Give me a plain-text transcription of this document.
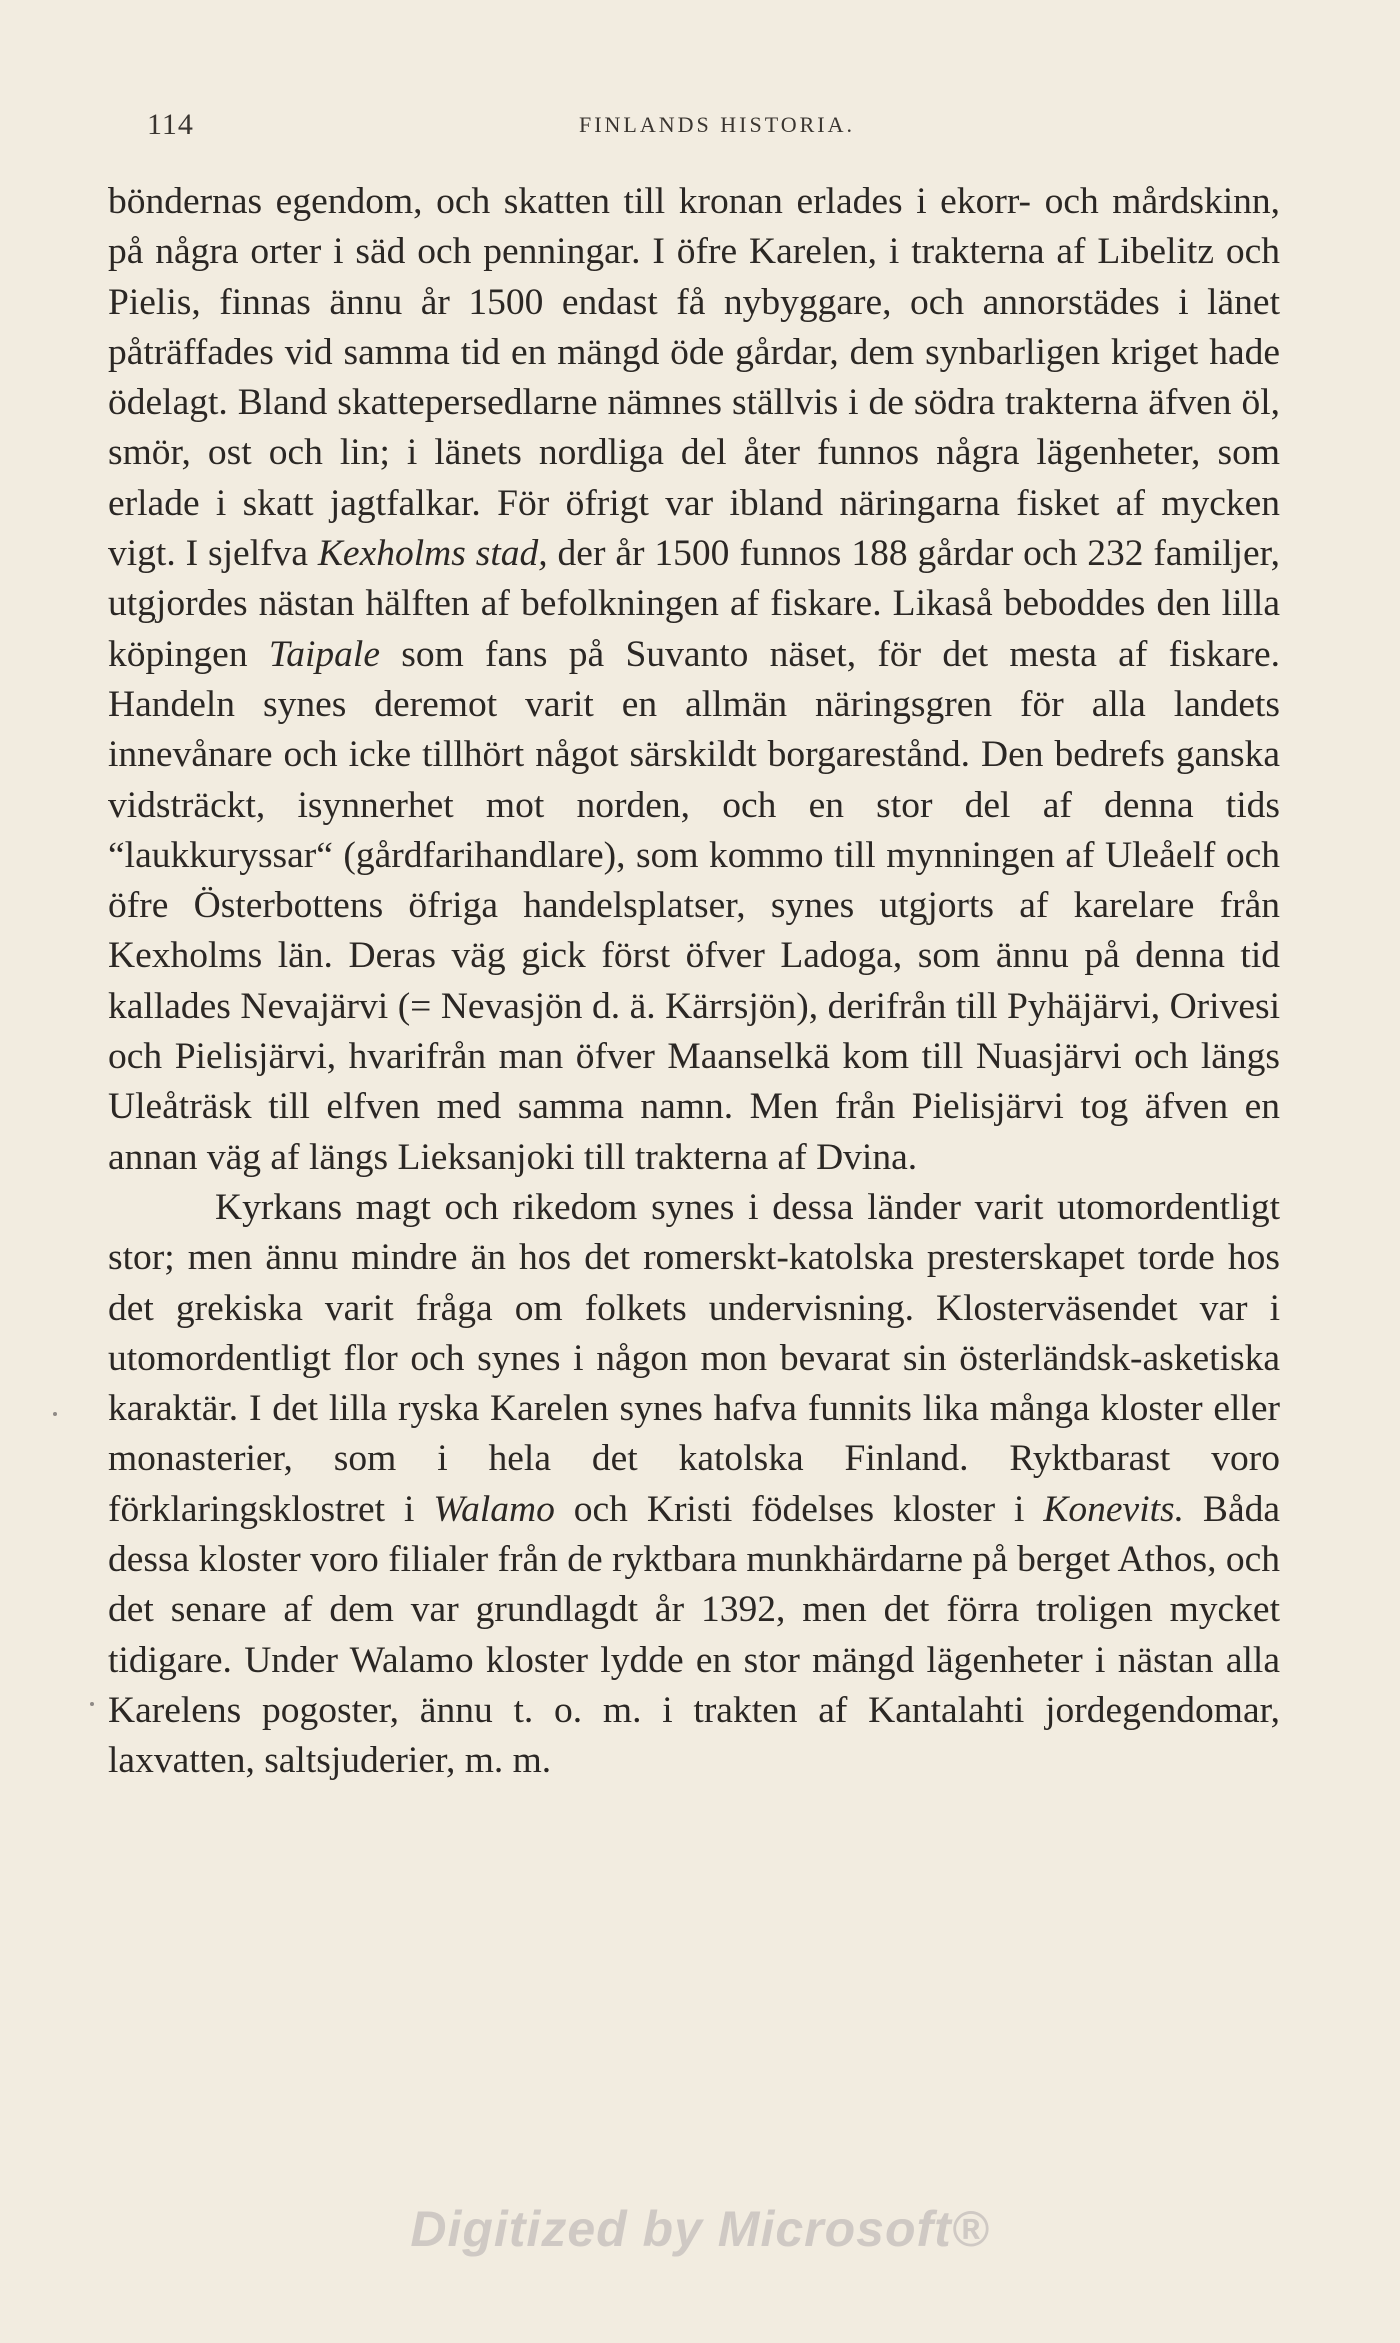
114	FINLANDS HISTORIA.

böndernas egendom, och skatten till kronan erlades i ekorr- och mårdskinn, på några orter i säd och penningar. I öfre Karelen, i trakterna af Libelitz och Pielis, finnas ännu år 1500 endast få nybyggare, och annorstädes i länet påträffades vid samma tid en mängd öde gårdar, dem synbarligen kriget hade ödelagt. Bland skattepersedlarne nämnes ställvis i de södra trakterna äfven öl, smör, ost och lin; i länets nordliga del åter funnos några lägenheter, som erlade i skatt jagtfalkar. För öfrigt var ibland näringarna fisket af mycken vigt. I sjelfva Kexholms stad, der år 1500 funnos 188 gårdar och 232 familjer, utgjordes nästan hälften af befolkningen af fiskare. Likaså beboddes den lilla köpingen Taipale som fans på Suvanto näset, för det mesta af fiskare. Handeln synes deremot varit en allmän näringsgren för alla landets innevånare och icke tillhört något särskildt borgarestånd. Den bedrefs ganska vidsträckt, isynnerhet mot norden, och en stor del af denna tids “laukkuryssar“ (gårdfarihandlare), som kommo till mynningen af Uleåelf och öfre Österbottens öfriga handelsplatser, synes utgjorts af karelare från Kexholms län. Deras väg gick först öfver Ladoga, som ännu på denna tid kallades Nevajärvi (= Nevasjön d. ä. Kärrsjön), derifrån till Pyhäjärvi, Orivesi och Pielisjärvi, hvarifrån man öfver Maanselkä kom till Nuasjärvi och längs Uleåträsk till elfven med samma namn. Men från Pielisjärvi tog äfven en annan väg af längs Lieksanjoki till trakterna af Dvina.

Kyrkans magt och rikedom synes i dessa länder varit utomordentligt stor; men ännu mindre än hos det romerskt-katolska presterskapet torde hos det grekiska varit fråga om folkets undervisning. Klosterväsendet var i utomordentligt flor och synes i någon mon bevarat sin österländsk-asketiska karaktär. I det lilla ryska Karelen synes hafva funnits lika många kloster eller monasterier, som i hela det katolska Finland. Ryktbarast voro förklaringsklostret i Walamo och Kristi födelses kloster i Konevits. Båda dessa kloster voro filialer från de ryktbara munkhärdarne på berget Athos, och det senare af dem var grundlagdt år 1392, men det förra troligen mycket tidigare. Under Walamo kloster lydde en stor mängd lägenheter i nästan alla Karelens pogoster, ännu t. o. m. i trakten af Kantalahti jordegendomar, laxvatten, saltsjuderier, m. m.

Digitized by Microsoft®
